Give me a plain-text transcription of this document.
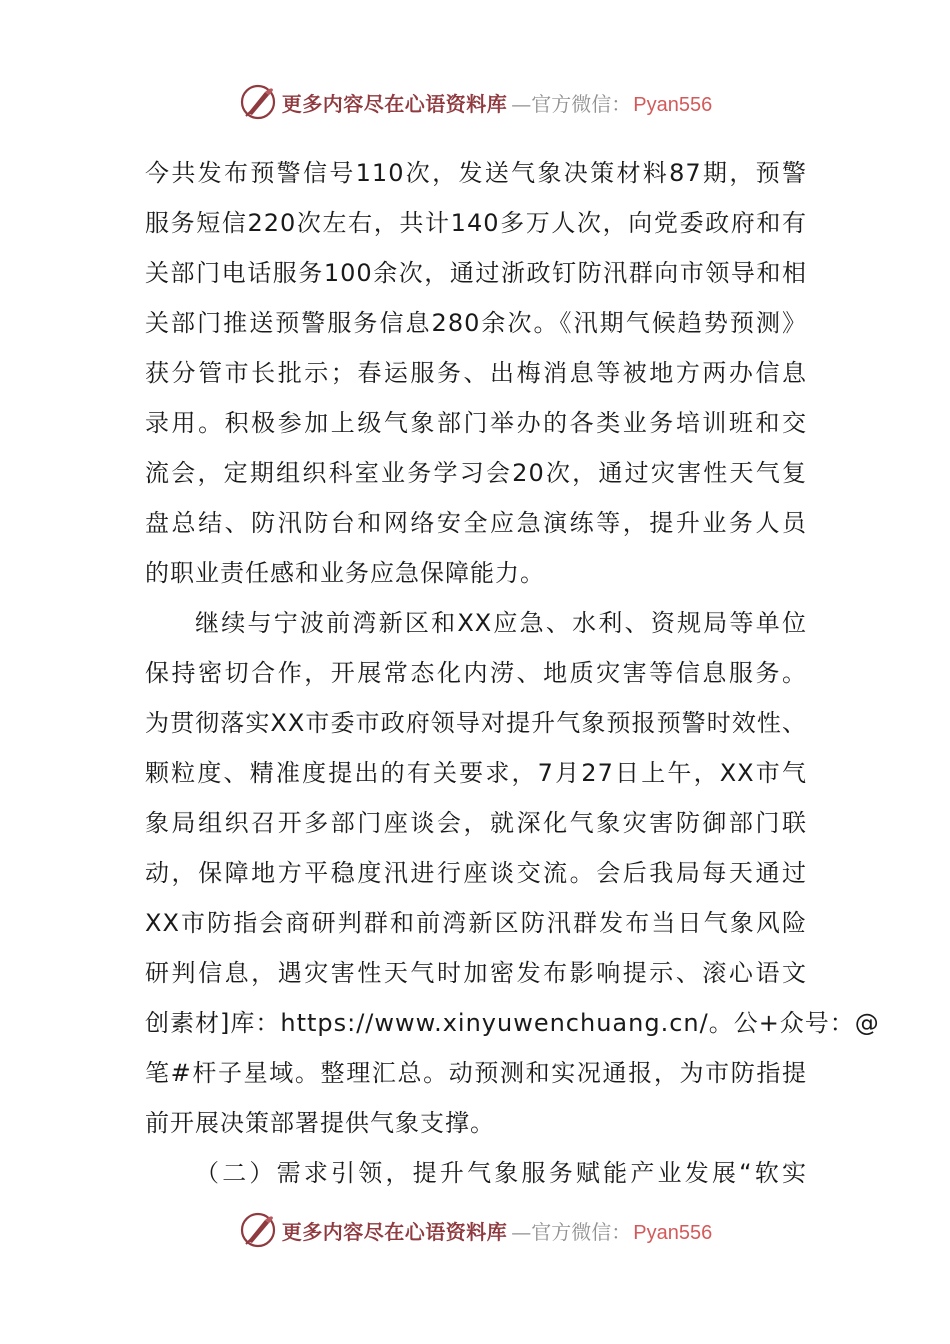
更多内容尽在心语资料库 —官方微信： Pyan556
今共发布预警信号110次，发送气象决策材料87期，预警
服务短信220次左右，共计140多万人次，向党委政府和有
关部门电话服务100余次，通过浙政钉防汛群向市领导和相
关部门推送预警服务信息280余次。《汛期气候趋势预测》
获分管市长批示；春运服务、出梅消息等被地方两办信息
录用。积极参加上级气象部门举办的各类业务培训班和交
流会，定期组织科室业务学习会20次，通过灾害性天气复
盘总结、防汛防台和网络安全应急演练等，提升业务人员
的职业责任感和业务应急保障能力。
继续与宁波前湾新区和XX应急、水利、资规局等单位
保持密切合作，开展常态化内涝、地质灾害等信息服务。
为贯彻落实XX市委市政府领导对提升气象预报预警时效性、
颗粒度、精准度提出的有关要求，7月27日上午，XX市气
象局组织召开多部门座谈会，就深化气象灾害防御部门联
动，保障地方平稳度汛进行座谈交流。会后我局每天通过
XX市防指会商研判群和前湾新区防汛群发布当日气象风险
研判信息，遇灾害性天气时加密发布影响提示、滚心语文
创素材]库：https://www.xinyuwenchuang.cn/。公+众号：@
笔#杆子星域。整理汇总。动预测和实况通报，为市防指提
前开展决策部署提供气象支撑。
（二）需求引领，提升气象服务赋能产业发展“软实
更多内容尽在心语资料库 —官方微信： Pyan556
